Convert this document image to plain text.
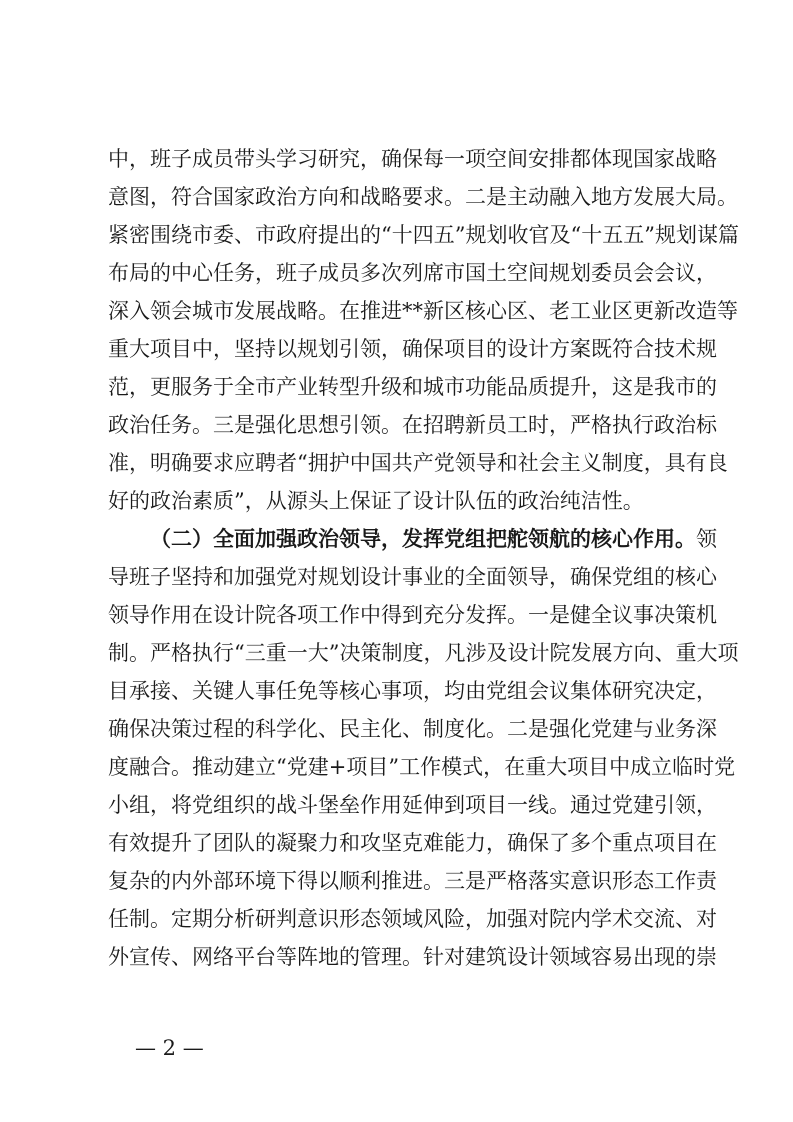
中，班子成员带头学习研究，确保每一项空间安排都体现国家战略
意图，符合国家政治方向和战略要求。二是主动融入地方发展大局。
紧密围绕市委、市政府提出的“十四五”规划收官及“十五五”规划谋篇
布局的中心任务，班子成员多次列席市国土空间规划委员会会议，
深入领会城市发展战略。在推进**新区核心区、老工业区更新改造等
重大项目中，坚持以规划引领，确保项目的设计方案既符合技术规
范，更服务于全市产业转型升级和城市功能品质提升，这是我市的
政治任务。三是强化思想引领。在招聘新员工时，严格执行政治标
准，明确要求应聘者“拥护中国共产党领导和社会主义制度，具有良
好的政治素质”，从源头上保证了设计队伍的政治纯洁性。
（二）全面加强政治领导，发挥党组把舵领航的核心作用。领
导班子坚持和加强党对规划设计事业的全面领导，确保党组的核心
领导作用在设计院各项工作中得到充分发挥。一是健全议事决策机
制。严格执行“三重一大”决策制度，凡涉及设计院发展方向、重大项
目承接、关键人事任免等核心事项，均由党组会议集体研究决定，
确保决策过程的科学化、民主化、制度化。二是强化党建与业务深
度融合。推动建立“党建+项目”工作模式，在重大项目中成立临时党
小组，将党组织的战斗堡垒作用延伸到项目一线。通过党建引领，
有效提升了团队的凝聚力和攻坚克难能力，确保了多个重点项目在
复杂的内外部环境下得以顺利推进。三是严格落实意识形态工作责
任制。定期分析研判意识形态领域风险，加强对院内学术交流、对
外宣传、网络平台等阵地的管理。针对建筑设计领域容易出现的崇
— 2 —
